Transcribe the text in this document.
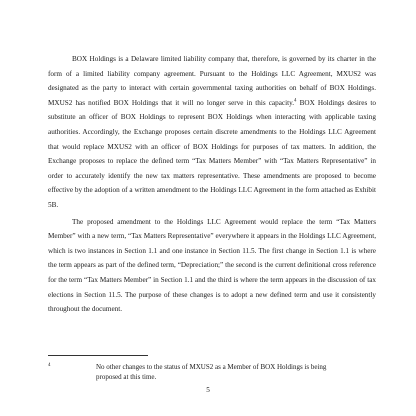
BOX Holdings is a Delaware limited liability company that, therefore, is governed by its charter in the form of a limited liability company agreement. Pursuant to the Holdings LLC Agreement, MXUS2 was designated as the party to interact with certain governmental taxing authorities on behalf of BOX Holdings. MXUS2 has notified BOX Holdings that it will no longer serve in this capacity.$^4$ BOX Holdings desires to substitute an officer of BOX Holdings to represent BOX Holdings when interacting with applicable taxing authorities. Accordingly, the Exchange proposes certain discrete amendments to the Holdings LLC Agreement that would replace MXUS2 with an officer of BOX Holdings for purposes of tax matters. In addition, the Exchange proposes to replace the defined term “Tax Matters Member” with “Tax Matters Representative” in order to accurately identify the new tax matters representative. These amendments are proposed to become effective by the adoption of a written amendment to the Holdings LLC Agreement in the form attached as Exhibit 5B.

The proposed amendment to the Holdings LLC Agreement would replace the term “Tax Matters Member” with a new term, “Tax Matters Representative” everywhere it appears in the Holdings LLC Agreement, which is two instances in Section 1.1 and one instance in Section 11.5. The first change in Section 1.1 is where the term appears as part of the defined term, “Depreciation;” the second is the current definitional cross reference for the term “Tax Matters Member” in Section 1.1 and the third is where the term appears in the discussion of tax elections in Section 11.5. The purpose of these changes is to adopt a new defined term and use it consistently throughout the document.

4	No other changes to the status of MXUS2 as a Member of BOX Holdings is being proposed at this time.
5
